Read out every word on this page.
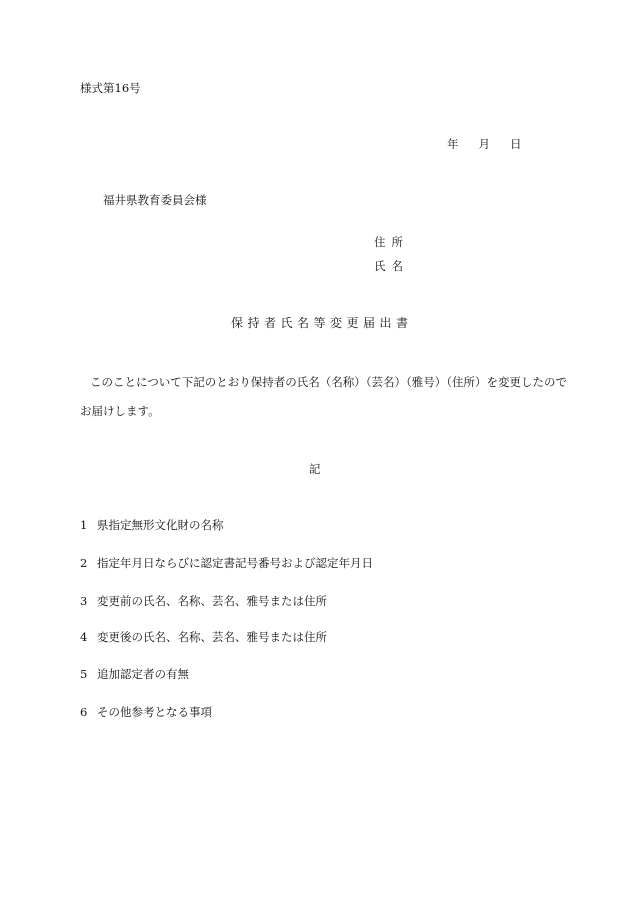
様式第16号
年 月 日
福井県教育委員会様
住所
氏名
保持者氏名等変更届出書
このことについて下記のとおり保持者の氏名（名称）（芸名）（雅号）（住所）を変更したので
お届けします。
記
1 県指定無形文化財の名称
2 指定年月日ならびに認定書記号番号および認定年月日
3 変更前の氏名、名称、芸名、雅号または住所
4 変更後の氏名、名称、芸名、雅号または住所
5 追加認定者の有無
6 その他参考となる事項
